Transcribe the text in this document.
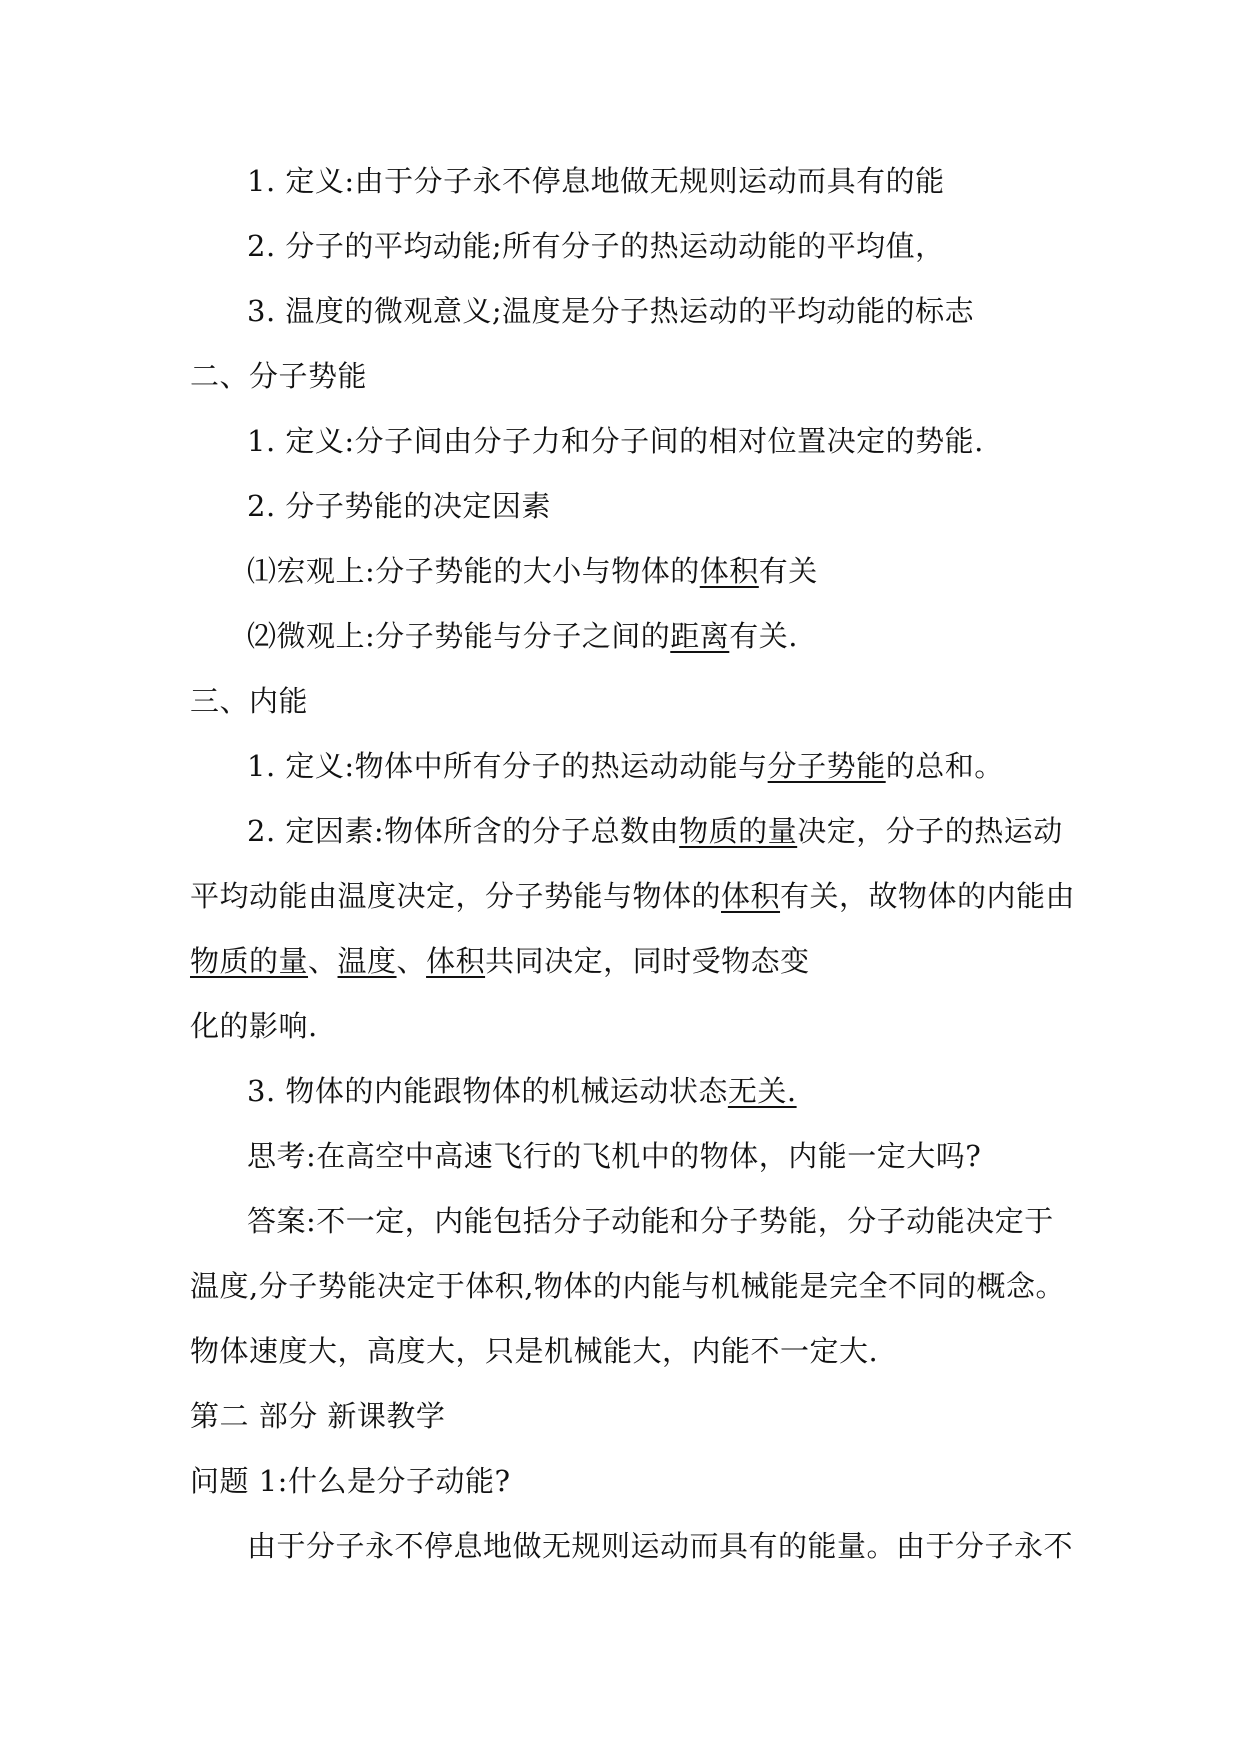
1. 定义:由于分子永不停息地做无规则运动而具有的能
2. 分子的平均动能;所有分子的热运动动能的平均值，
3. 温度的微观意义;温度是分子热运动的平均动能的标志
二、分子势能
1. 定义:分子间由分子力和分子间的相对位置决定的势能.
2. 分子势能的决定因素
⑴宏观上:分子势能的大小与物体的体积有关
⑵微观上:分子势能与分子之间的距离有关.
三、内能
1. 定义:物体中所有分子的热运动动能与分子势能的总和。
2. 定因素:物体所含的分子总数由物质的量决定，分子的热运动
平均动能由温度决定，分子势能与物体的体积有关，故物体的内能由
物质的量、温度、体积共同决定，同时受物态变
化的影响.
3. 物体的内能跟物体的机械运动状态无关.
思考:在高空中高速飞行的飞机中的物体，内能一定大吗?
答案:不一定，内能包括分子动能和分子势能，分子动能决定于
温度,分子势能决定于体积,物体的内能与机械能是完全不同的概念。
物体速度大，高度大，只是机械能大，内能不一定大.
第二 部分 新课教学
问题 1:什么是分子动能?
由于分子永不停息地做无规则运动而具有的能量。由于分子永不
